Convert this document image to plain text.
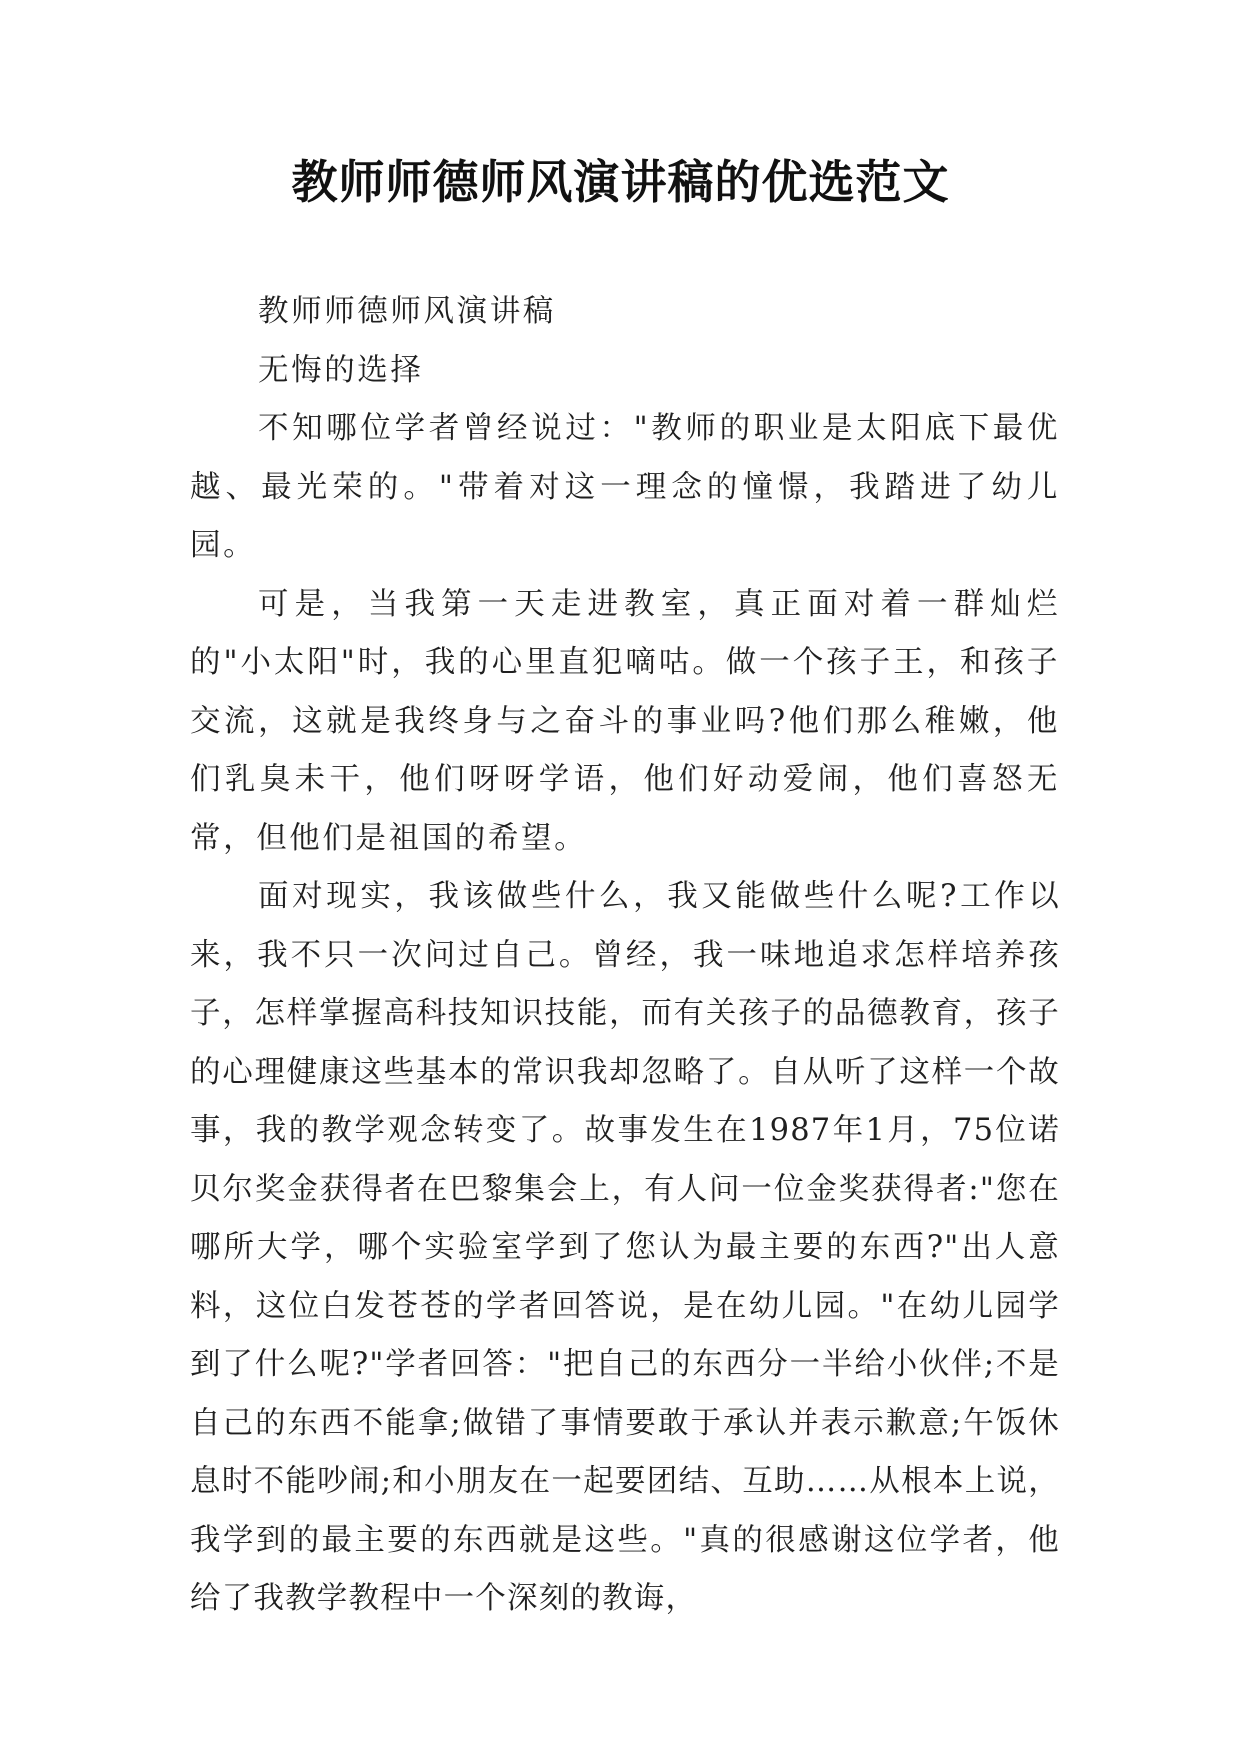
教师师德师风演讲稿的优选范文

教师师德师风演讲稿

无悔的选择

不知哪位学者曾经说过："教师的职业是太阳底下最优越、最光荣的。"带着对这一理念的憧憬，我踏进了幼儿园。

可是，当我第一天走进教室，真正面对着一群灿烂的"小太阳"时，我的心里直犯嘀咕。做一个孩子王，和孩子交流，这就是我终身与之奋斗的事业吗?他们那么稚嫩，他们乳臭未干，他们呀呀学语，他们好动爱闹，他们喜怒无常，但他们是祖国的希望。

面对现实，我该做些什么，我又能做些什么呢?工作以来，我不只一次问过自己。曾经，我一味地追求怎样培养孩子，怎样掌握高科技知识技能，而有关孩子的品德教育，孩子的心理健康这些基本的常识我却忽略了。自从听了这样一个故事，我的教学观念转变了。故事发生在1987年1月，75位诺贝尔奖金获得者在巴黎集会上，有人问一位金奖获得者:"您在哪所大学，哪个实验室学到了您认为最主要的东西?"出人意料，这位白发苍苍的学者回答说，是在幼儿园。"在幼儿园学到了什么呢?"学者回答："把自己的东西分一半给小伙伴;不是自己的东西不能拿;做错了事情要敢于承认并表示歉意;午饭休息时不能吵闹;和小朋友在一起要团结、互助……从根本上说，我学到的最主要的东西就是这些。"真的很感谢这位学者，他给了我教学教程中一个深刻的教诲，
